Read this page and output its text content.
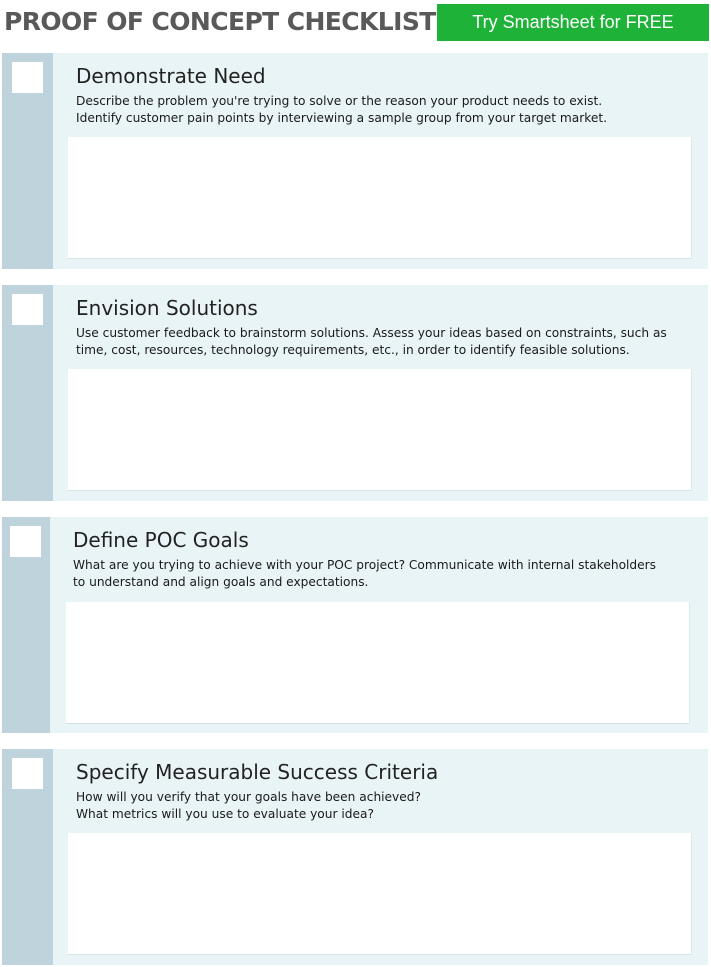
PROOF OF CONCEPT CHECKLIST	Try Smartsheet for FREE
Demonstrate Need

Describe the problem you're trying to solve or the reason your product needs to exist.
Identify customer pain points by interviewing a sample group from your target market.

Envision Solutions

Use customer feedback to brainstorm solutions. Assess your ideas based on constraints, such as
time, cost, resources, technology requirements, etc., in order to identify feasible solutions.

Define POC Goals

What are you trying to achieve with your POC project? Communicate with internal stakeholders
to understand and align goals and expectations.

Specify Measurable Success Criteria

How will you verify that your goals have been achieved?
What metrics will you use to evaluate your idea?
